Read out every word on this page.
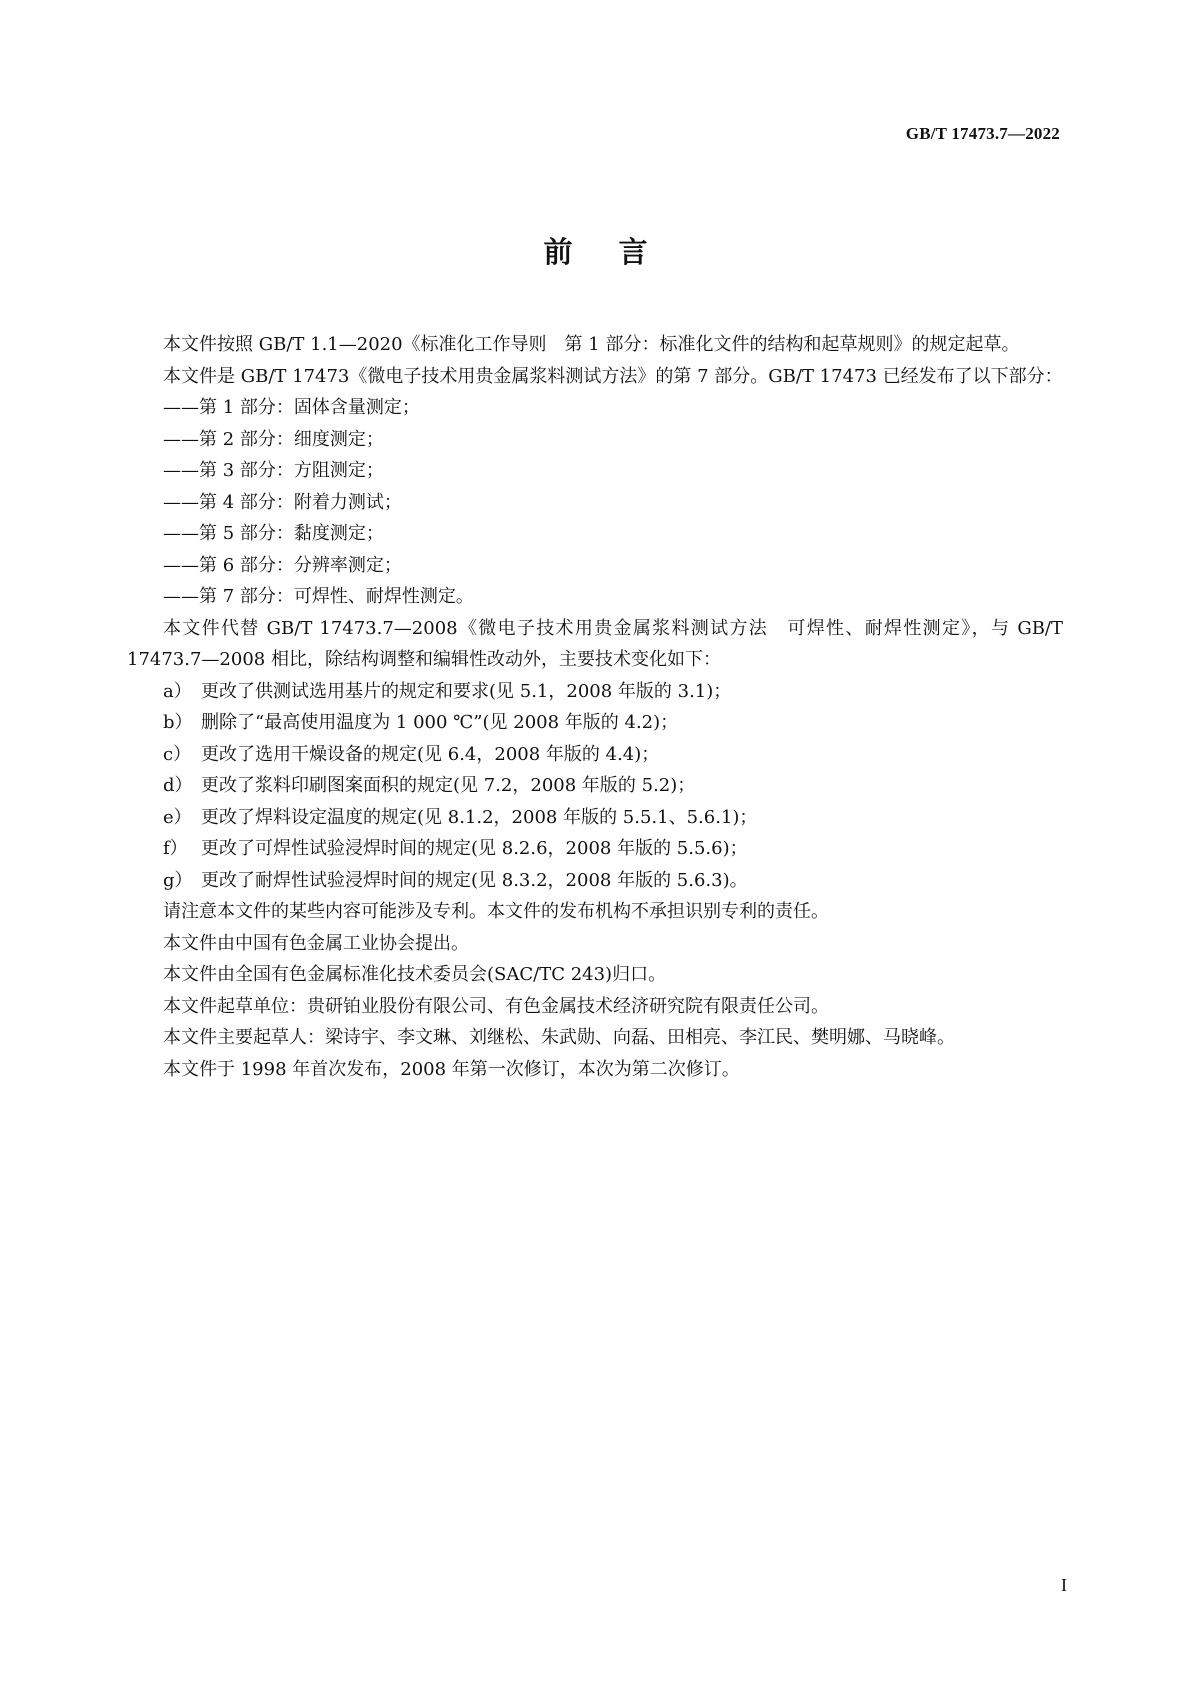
GB/T 17473.7—2022
前言

本文件按照 GB/T 1.1—2020《标准化工作导则　第 1 部分：标准化文件的结构和起草规则》的规定起草。

本文件是 GB/T 17473《微电子技术用贵金属浆料测试方法》的第 7 部分。GB/T 17473 已经发布了以下部分：

——第 1 部分：固体含量测定；
——第 2 部分：细度测定；
——第 3 部分：方阻测定；
——第 4 部分：附着力测试；
——第 5 部分：黏度测定；
——第 6 部分：分辨率测定；
——第 7 部分：可焊性、耐焊性测定。

本文件代替 GB/T 17473.7—2008《微电子技术用贵金属浆料测试方法　可焊性、耐焊性测定》，与 GB/T 17473.7—2008 相比，除结构调整和编辑性改动外，主要技术变化如下：

a） 更改了供测试选用基片的规定和要求(见 5.1，2008 年版的 3.1)；
b） 删除了“最高使用温度为 1 000 ℃”(见 2008 年版的 4.2)；
c） 更改了选用干燥设备的规定(见 6.4，2008 年版的 4.4)；
d） 更改了浆料印刷图案面积的规定(见 7.2，2008 年版的 5.2)；
e） 更改了焊料设定温度的规定(见 8.1.2，2008 年版的 5.5.1、5.6.1)；
f） 更改了可焊性试验浸焊时间的规定(见 8.2.6，2008 年版的 5.5.6)；
g） 更改了耐焊性试验浸焊时间的规定(见 8.3.2，2008 年版的 5.6.3)。

请注意本文件的某些内容可能涉及专利。本文件的发布机构不承担识别专利的责任。

本文件由中国有色金属工业协会提出。

本文件由全国有色金属标准化技术委员会(SAC/TC 243)归口。

本文件起草单位：贵研铂业股份有限公司、有色金属技术经济研究院有限责任公司。

本文件主要起草人：梁诗宇、李文琳、刘继松、朱武勋、向磊、田相亮、李江民、樊明娜、马晓峰。

本文件于 1998 年首次发布，2008 年第一次修订，本次为第二次修订。

I
